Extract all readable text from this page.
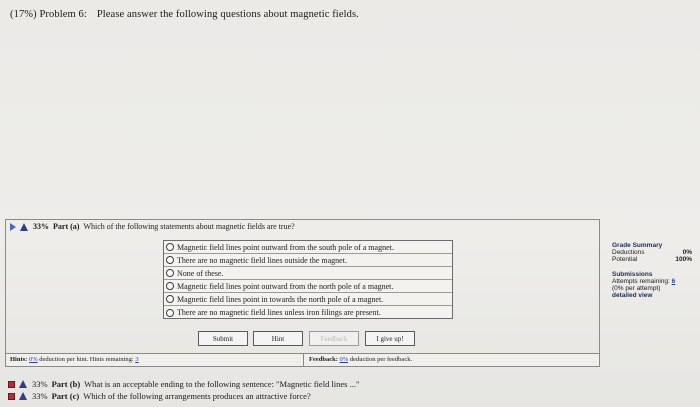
(17%) Problem 6: Please answer the following questions about magnetic fields.
33% Part (a) Which of the following statements about magnetic fields are true?
Magnetic field lines point outward from the south pole of a magnet.
There are no magnetic field lines outside the magnet.
None of these.
Magnetic field lines point outward from the north pole of a magnet.
Magnetic field lines point in towards the north pole of a magnet.
There are no magnetic field lines unless iron filings are present.
Submit	Hint	Feedback	I give up!
Hints: 0% deduction per hint. Hints remaining: 3	Feedback: 0% deduction per feedback.
Grade Summary
Deductions	0%
Potential	100%
Submissions
Attempts remaining: 6
(0% per attempt)
detailed view
33% Part (b) What is an acceptable ending to the following sentence: "Magnetic field lines ..."
33% Part (c) Which of the following arrangements produces an attractive force?
